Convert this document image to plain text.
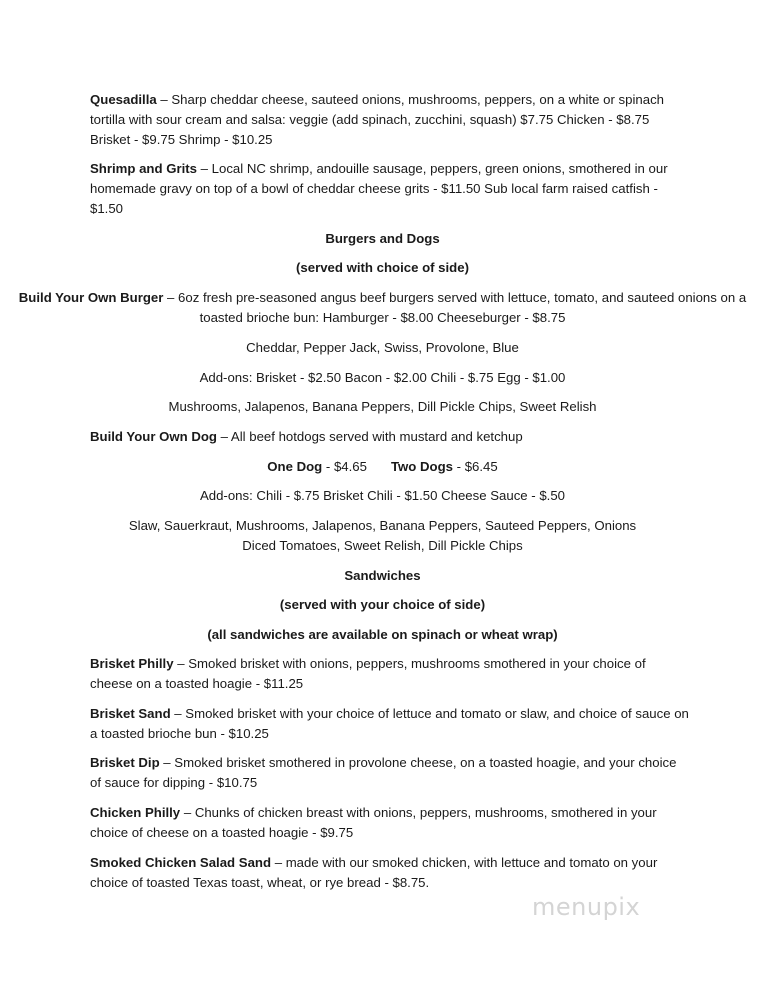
Quesadilla – Sharp cheddar cheese, sauteed onions, mushrooms, peppers, on a white or spinach tortilla with sour cream and salsa: veggie (add spinach, zucchini, squash) $7.75 Chicken - $8.75 Brisket - $9.75 Shrimp - $10.25

Shrimp and Grits – Local NC shrimp, andouille sausage, peppers, green onions, smothered in our homemade gravy on top of a bowl of cheddar cheese grits - $11.50 Sub local farm raised catfish - $1.50

Burgers and Dogs

(served with choice of side)

Build Your Own Burger – 6oz fresh pre-seasoned angus beef burgers served with lettuce, tomato, and sauteed onions on a toasted brioche bun: Hamburger - $8.00 Cheeseburger - $8.75

Cheddar, Pepper Jack, Swiss, Provolone, Blue

Add-ons: Brisket - $2.50 Bacon - $2.00 Chili - $.75 Egg - $1.00

Mushrooms, Jalapenos, Banana Peppers, Dill Pickle Chips, Sweet Relish

Build Your Own Dog – All beef hotdogs served with mustard and ketchup

One Dog - $4.65 Two Dogs - $6.45

Add-ons: Chili - $.75 Brisket Chili - $1.50 Cheese Sauce - $.50

Slaw, Sauerkraut, Mushrooms, Jalapenos, Banana Peppers, Sauteed Peppers, Onions

Diced Tomatoes, Sweet Relish, Dill Pickle Chips

Sandwiches

(served with your choice of side)

(all sandwiches are available on spinach or wheat wrap)

Brisket Philly – Smoked brisket with onions, peppers, mushrooms smothered in your choice of cheese on a toasted hoagie - $11.25

Brisket Sand – Smoked brisket with your choice of lettuce and tomato or slaw, and choice of sauce on a toasted brioche bun - $10.25

Brisket Dip – Smoked brisket smothered in provolone cheese, on a toasted hoagie, and your choice of sauce for dipping - $10.75

Chicken Philly – Chunks of chicken breast with onions, peppers, mushrooms, smothered in your choice of cheese on a toasted hoagie - $9.75

Smoked Chicken Salad Sand – made with our smoked chicken, with lettuce and tomato on your choice of toasted Texas toast, wheat, or rye bread - $8.75.

menupix
